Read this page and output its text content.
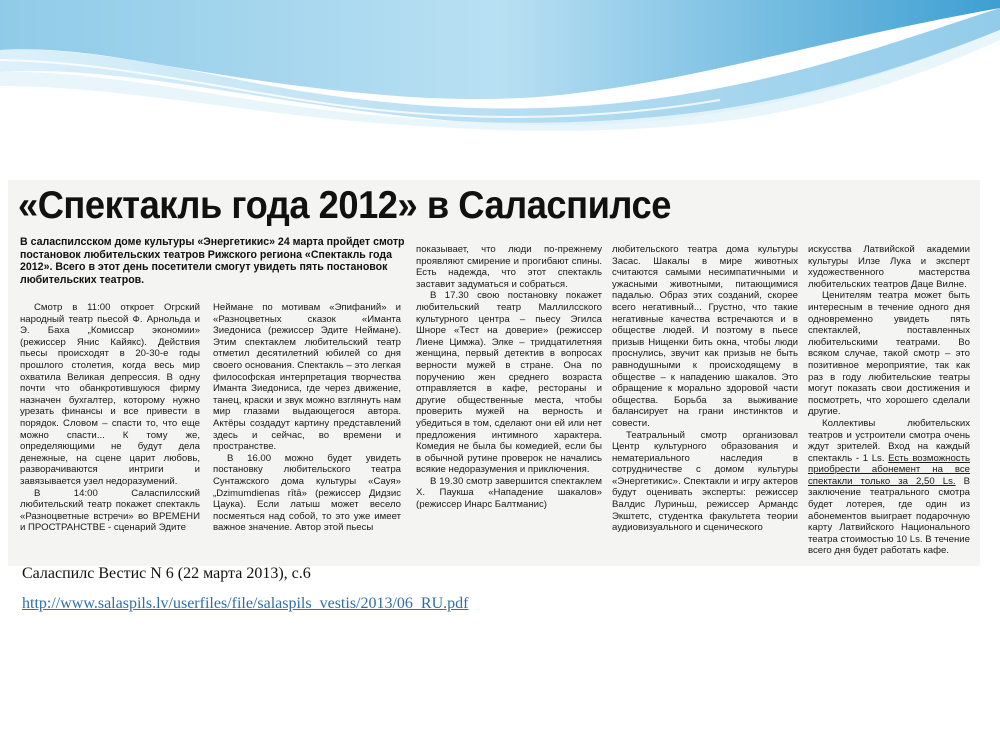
«Спектакль года 2012» в Саласпилсе
В саласпилсском доме культуры «Энергетикис» 24 марта пройдет смотр постановок любительских театров Рижского региона «Спектакль года 2012». Всего в этот день посетители смогут увидеть пять постановок любительских театров.

Смотр в 11:00 откроет Огрский народный театр пьесой Ф. Арнольда и Э. Баха „Комиссар экономии» (режиссер Янис Кайякс). Действия пьесы происходят в 20-30-е годы прошлого столетия, когда весь мир охватила Великая депрессия. В одну почти что обанкротившуюся фирму назначен бухгалтер, которому нужно урезать финансы и все привести в порядок. Словом – спасти то, что еще можно спасти... К тому же, определяющими не будут дела денежные, на сцене царит любовь, разворачиваются интриги и завязывается узел недоразумений.

В 14:00 Саласпилсский любительский театр покажет спектакль «Разноцветные встречи» во ВРЕМЕНИ и ПРОСТРАНСТВЕ - сценарий Эдите

Нейманe по мотивам «Эпифаний» и «Разноцветных сказок «Иманта Зиедониса (режиссер Эдите Нейманe). Этим спектаклем любительский театр отметил десятилетний юбилей со дня своего основания. Спектакль – это легкая философская интерпретация творчества Иманта Зиедониса, где через движение, танец, краски и звук можно взглянуть нам мир глазами выдающегося автора. Актёры создадут картину представлений здесь и сейчас, во времени и пространстве.

В 16.00 можно будет увидеть постановку любительского театра Сунтажского дома культуры «Сауя» „Dzimumdienas rītā» (режиссер Дидзис Цаука). Если латыш может весело посмеяться над собой, то это уже имеет важное значение. Автор этой пьесы

показывает, что люди по-прежнему проявляют смирение и прогибают спины. Есть надежда, что этот спектакль заставит задуматься и собраться.

В 17.30 свою постановку покажет любительский театр Маллилсского культурного центра – пьесу Эгилса Шноре «Тест на доверие» (режиссер Лиене Цимжа). Элке – тридцатилетняя женщина, первый детектив в вопросах верности мужей в стране. Она по поручению жен среднего возраста отправляется в кафе, рестораны и другие общественные места, чтобы проверить мужей на верность и убедиться в том, сделают они ей или нет предложения интимного характера. Комедия не была бы комедией, если бы в обычной рутине проверок не начались всякие недоразумения и приключения.

В 19.30 смотр завершится спектаклем Х. Паукша «Нападение шакалов» (режиссер Инарс Балтманис)

любительского театра дома культуры Засас. Шакалы в мире животных считаются самыми несимпатичными и ужасными животными, питающимися падалью. Образ этих созданий, скорее всего негативный... Грустно, что такие негативные качества встречаются и в обществе людей. И поэтому в пьесе призыв Нищенки бить окна, чтобы люди проснулись, звучит как призыв не быть равнодушными к происходящему в обществе – к нападению шакалов. Это обращение к морально здоровой части общества. Борьба за выживание балансирует на грани инстинктов и совести.

Театральный смотр организовал Центр культурного образования и нематериального наследия в сотрудничестве с домом культуры «Энергетикис». Спектакли и игру актеров будут оценивать эксперты: режиссер Валдис Луриньш, режиссер Армандс Экштетс, студентка факультета теории аудиовизуального и сценического

искусства Латвийской академии культуры Илзе Лука и эксперт художественного мастерства любительских театров Даце Вилне.

Ценителям театра может быть интересным в течение одного дня одновременно увидеть пять спектаклей, поставленных любительскими театрами. Во всяком случае, такой смотр – это позитивное мероприятие, так как раз в году любительские театры могут показать свои достижения и посмотреть, что хорошего сделали другие.

Коллективы любительских театров и устроители смотра очень ждут зрителей. Вход на каждый спектакль - 1 Ls. Есть возможность приобрести абонемент на все спектакли только за 2,50 Ls. В заключение театрального смотра будет лотерея, где один из абонементов выиграет подарочную карту Латвийского Национального театра стоимостью 10 Ls. В течение всего дня будет работать кафе.

Саласпилс Вестис N 6 (22 марта 2013), с.6
http://www.salaspils.lv/userfiles/file/salaspils_vestis/2013/06_RU.pdf
